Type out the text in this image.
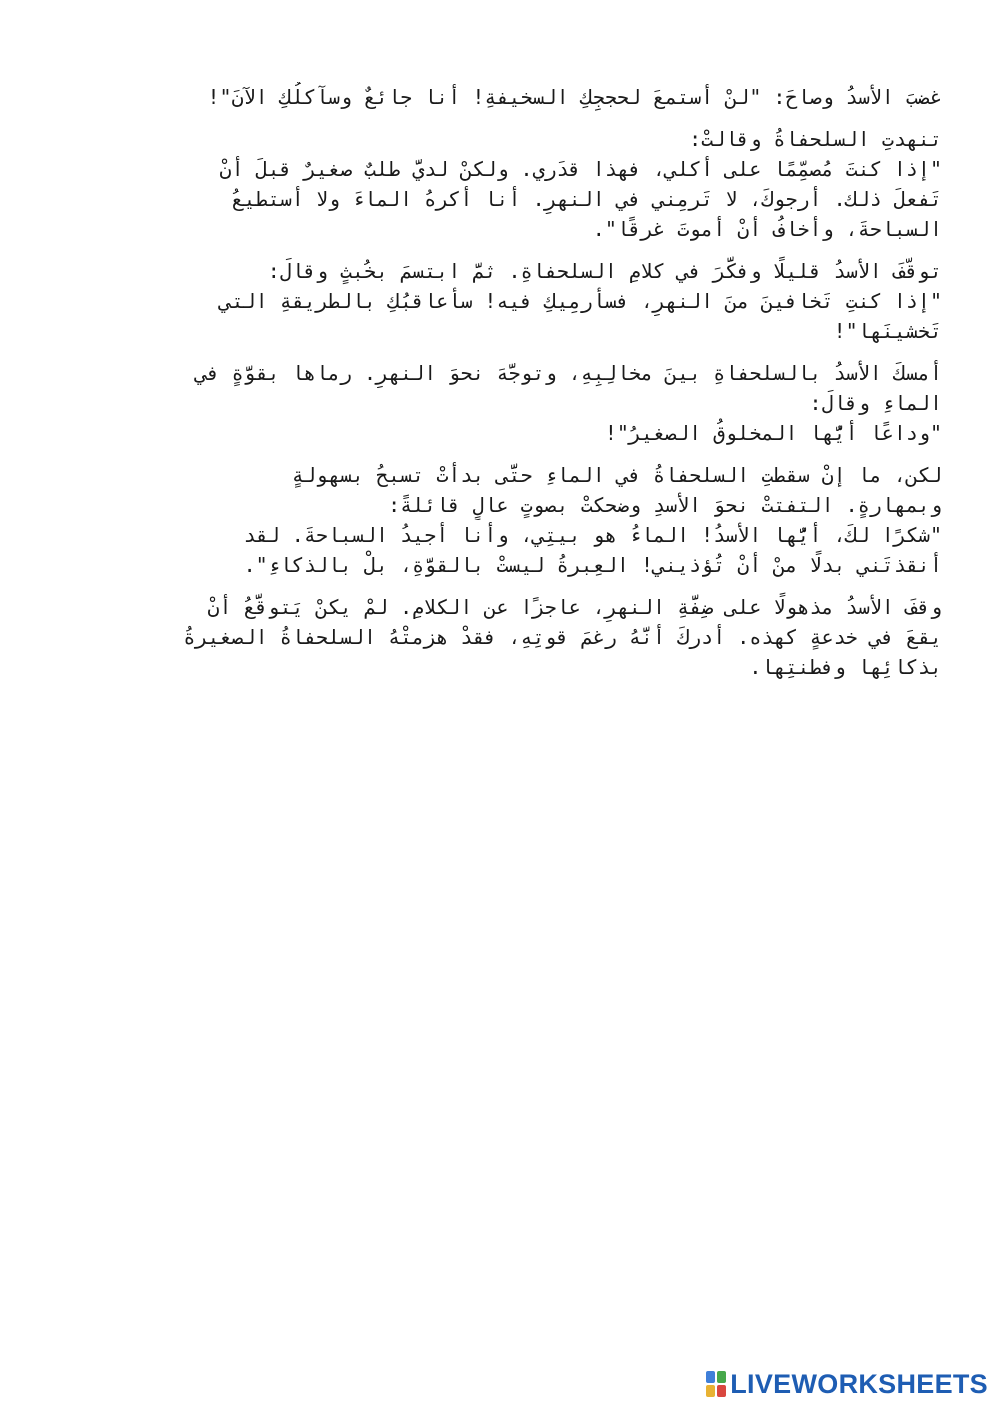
غضبَ الأسدُ وصاحَ: "لنْ أستمعَ لحججِكِ السخيفةِ! أنا جائعٌ وسآكلُكِ الآنَ"!
تنهدتِ السلحفاةُ وقالتْ:
"إذا كنتَ مُصمِّمًا على أكلي، فهذا قدَري. ولكنْ لديَّ طلبٌ صغيرٌ قبلَ أنْ
تَفعلَ ذلك. أرجوكَ، لا تَرمِني في النهرِ. أنا أكرهُ الماءَ ولا أستطيعُ
السباحةَ، وأخافُ أنْ أموتَ غرقًا".
توقّفَ الأسدُ قليلًا وفكَّرَ في كلامِ السلحفاةِ. ثمَّ ابتسمَ بخُبثٍ وقالَ:
"إذا كنتِ تَخافينَ منَ النهرِ، فسأرمِيكِ فيه! سأُعاقبُكِ بالطريقةِ التي
تَخشينَها"!
أمسكَ الأسدُ بالسلحفاةِ بينَ مخالِبِهِ، وتوجَّهَ نحوَ النهرِ. رماها بقوَّةٍ في
الماءِ وقالَ:
"وداعًا أيُّها المخلوقُ الصغيرُ"!
لكن، ما إنْ سقطتِ السلحفاةُ في الماءِ حتَّى بدأتْ تسبحُ بسهولةٍ
وبمهارةٍ. التفتتْ نحوَ الأسدِ وضحكتْ بصوتٍ عالٍ قائلةً:
"شكرًا لكَ، أيُّها الأسدُ! الماءُ هو بيتِي، وأنا أُجيدُ السباحةَ. لقد
أنقذتَني بدلًا منْ أنْ تُؤذيني! العِبرةُ ليستْ بالقوَّةِ، بلْ بالذكاءِ".
وقفَ الأسدُ مذهولًا على ضِفَّةِ النهرِ، عاجزًا عن الكلامِ. لمْ يكنْ يَتوقَّعُ أنْ
يقعَ في خدعةٍ كهذه. أدركَ أنَّهُ رغمَ قوتِهِ، فقدْ هزمتْهُ السلحفاةُ الصغيرةُ
بذكائِها وفطنتِها.
LIVEWORKSHEETS
